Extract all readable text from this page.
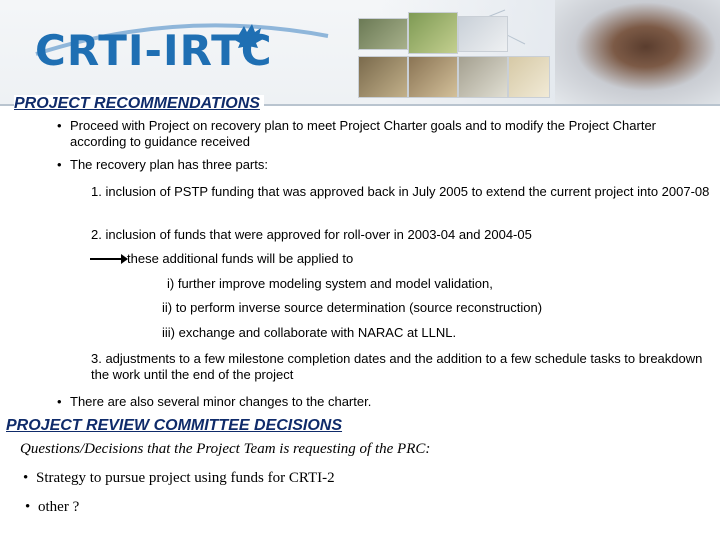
CRTI-IRTC
PROJECT RECOMMENDATIONS
• Proceed with Project on recovery plan to meet Project Charter goals and to modify the Project Charter according to guidance received
• The recovery plan has three parts:
1. inclusion of PSTP funding that was approved back in July 2005 to extend the current project into 2007-08
2. inclusion of funds that were approved for roll-over in 2003-04 and 2004-05
these additional funds will be applied to
i) further improve modeling system and model validation,
ii) to perform inverse source determination (source reconstruction)
iii) exchange and collaborate with NARAC at LLNL.
3. adjustments to a few milestone completion dates and the addition to a few schedule tasks to breakdown the work until the end of the project
• There are also several minor changes to the charter.
PROJECT REVIEW COMMITTEE DECISIONS
Questions/Decisions that the Project Team is requesting of the PRC:
• Strategy to pursue project using funds for CRTI-2
• other ?
